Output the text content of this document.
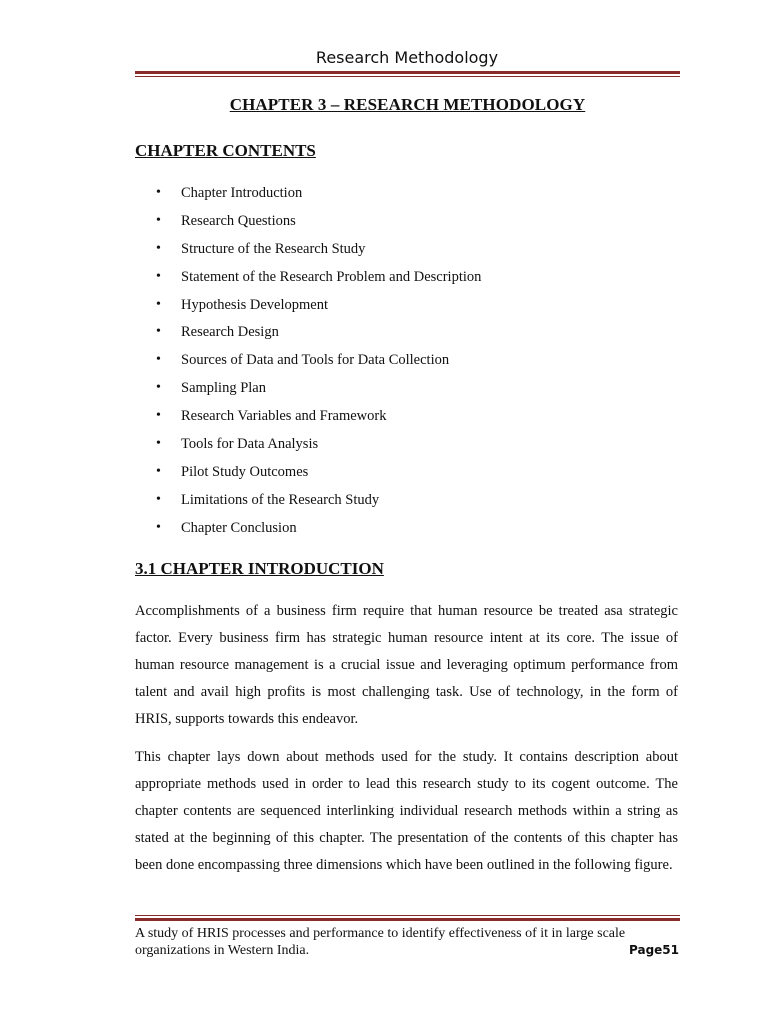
Research Methodology
CHAPTER 3 – RESEARCH METHODOLOGY
CHAPTER CONTENTS
• Chapter Introduction
• Research Questions
• Structure of the Research Study
• Statement of the Research Problem and Description
• Hypothesis Development
• Research Design
• Sources of Data and Tools for Data Collection
• Sampling Plan
• Research Variables and Framework
• Tools for Data Analysis
• Pilot Study Outcomes
• Limitations of the Research Study
• Chapter Conclusion
3.1 CHAPTER INTRODUCTION

Accomplishments of a business firm require that human resource be treated asa strategic factor. Every business firm has strategic human resource intent at its core. The issue of human resource management is a crucial issue and leveraging optimum performance from talent and avail high profits is most challenging task. Use of technology, in the form of HRIS, supports towards this endeavor.

This chapter lays down about methods used for the study. It contains description about appropriate methods used in order to lead this research study to its cogent outcome. The chapter contents are sequenced interlinking individual research methods within a string as stated at the beginning of this chapter. The presentation of the contents of this chapter has been done encompassing three dimensions which have been outlined in the following figure.

A study of HRIS processes and performance to identify effectiveness of it in large scale organizations in Western India.	Page51
